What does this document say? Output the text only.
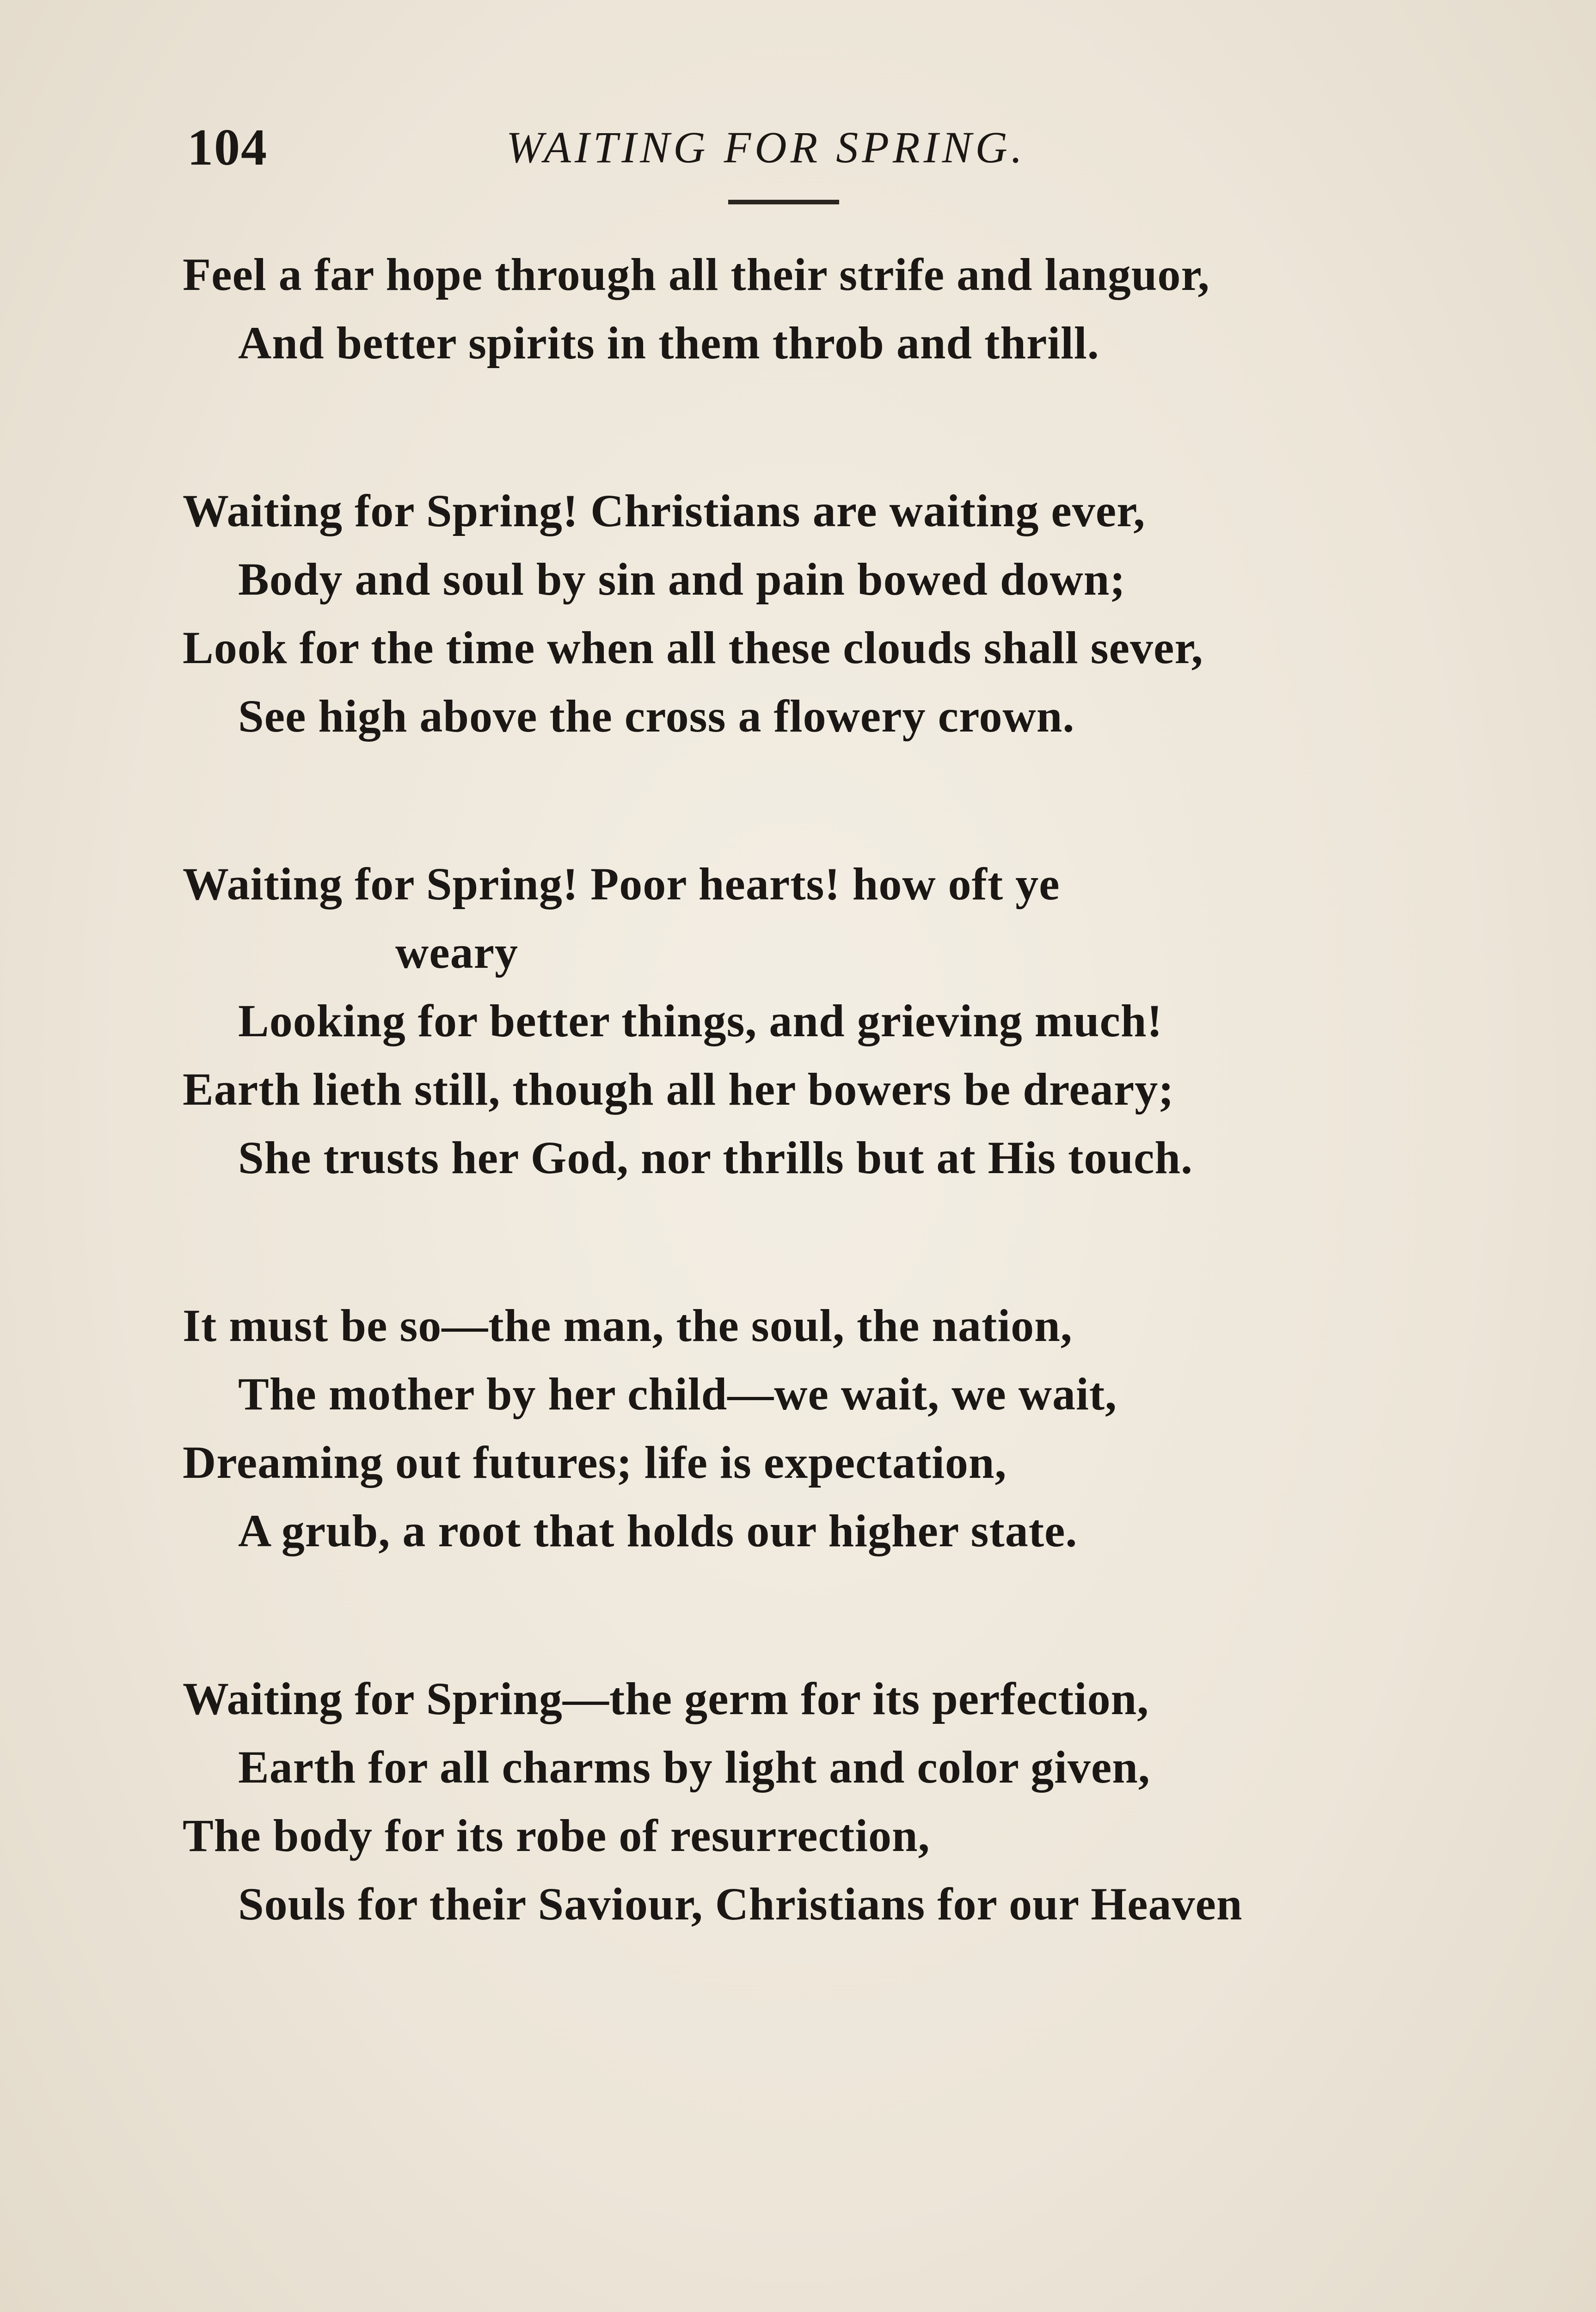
104	WAITING FOR SPRING.
Feel a far hope through all their strife and languor,
And better spirits in them throb and thrill.
Waiting for Spring! Christians are waiting ever,
Body and soul by sin and pain bowed down;
Look for the time when all these clouds shall sever,
See high above the cross a flowery crown.
Waiting for Spring! Poor hearts! how oft ye
weary
Looking for better things, and grieving much!
Earth lieth still, though all her bowers be dreary;
She trusts her God, nor thrills but at His touch.
It must be so—the man, the soul, the nation,
The mother by her child—we wait, we wait,
Dreaming out futures; life is expectation,
A grub, a root that holds our higher state.
Waiting for Spring—the germ for its perfection,
Earth for all charms by light and color given,
The body for its robe of resurrection,
Souls for their Saviour, Christians for our Heaven
